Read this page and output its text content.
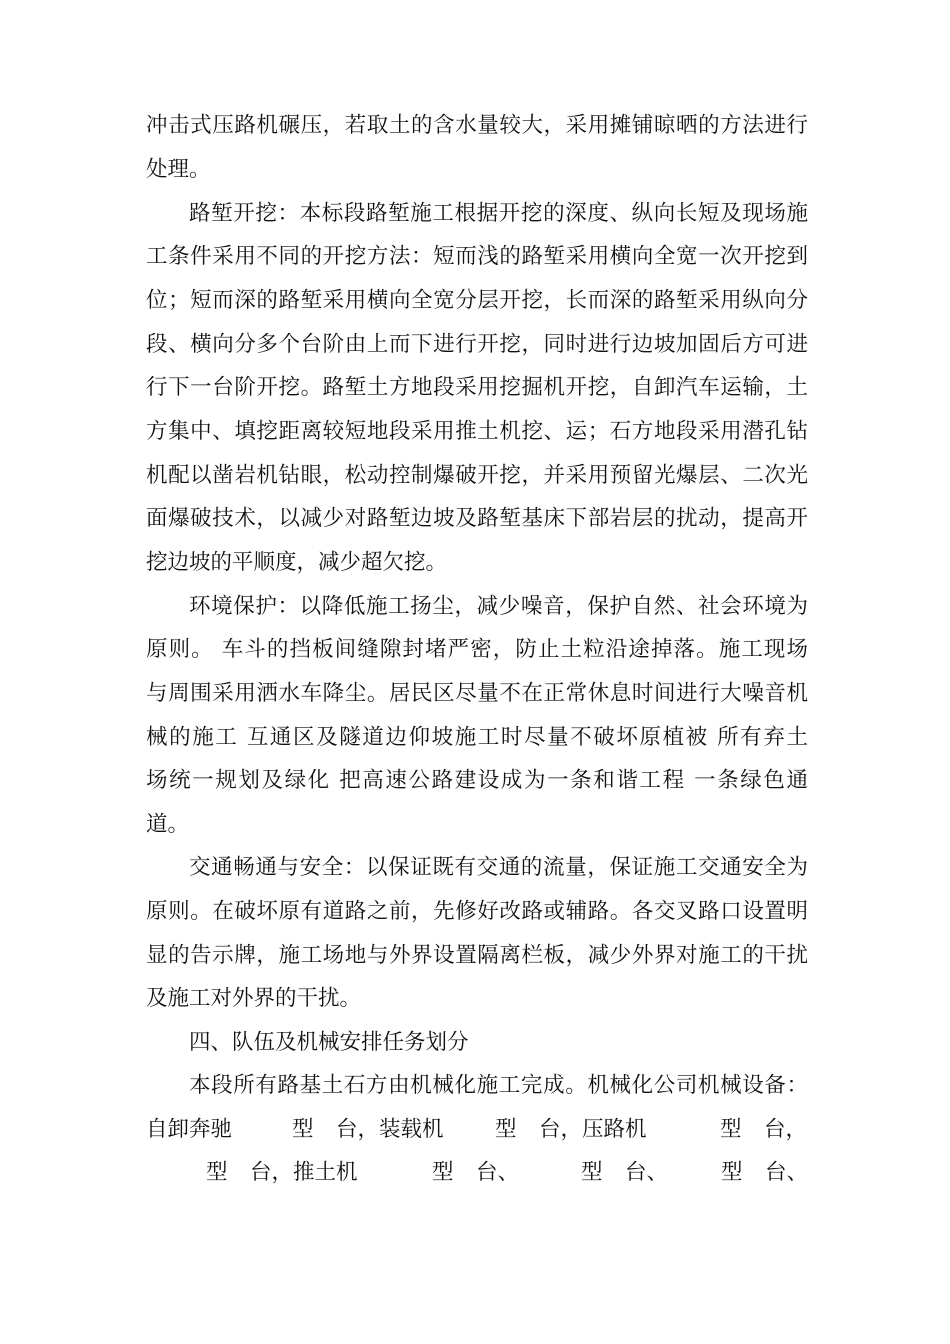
冲击式压路机碾压，若取土的含水量较大，采用摊铺晾晒的方法进行
处理。
路堑开挖：本标段路堑施工根据开挖的深度、纵向长短及现场施
工条件采用不同的开挖方法：短而浅的路堑采用横向全宽一次开挖到
位；短而深的路堑采用横向全宽分层开挖，长而深的路堑采用纵向分
段、横向分多个台阶由上而下进行开挖，同时进行边坡加固后方可进
行下一台阶开挖。路堑土方地段采用挖掘机开挖，自卸汽车运输，土
方集中、填挖距离较短地段采用推土机挖、运；石方地段采用潜孔钻
机配以凿岩机钻眼，松动控制爆破开挖，并采用预留光爆层、二次光
面爆破技术，以减少对路堑边坡及路堑基床下部岩层的扰动，提高开
挖边坡的平顺度，减少超欠挖。
环境保护：以降低施工扬尘，减少噪音，保护自然、社会环境为
原则。 车斗的挡板间缝隙封堵严密，防止土粒沿途掉落。施工现场
与周围采用洒水车降尘。居民区尽量不在正常休息时间进行大噪音机
械的施工 互通区及隧道边仰坡施工时尽量不破坏原植被 所有弃土
场统一规划及绿化 把高速公路建设成为一条和谐工程 一条绿色通
道。
交通畅通与安全：以保证既有交通的流量，保证施工交通安全为
原则。在破坏原有道路之前，先修好改路或辅路。各交叉路口设置明
显的告示牌，施工场地与外界设置隔离栏板，减少外界对施工的干扰
及施工对外界的干扰。
四、队伍及机械安排任务划分
本段所有路基土石方由机械化施工完成。机械化公司机械设备：
自卸奔驰	型 台，装载机 型 台，压路机	型 台，
型 台，推土机	型 台、	型 台、 型 台、
